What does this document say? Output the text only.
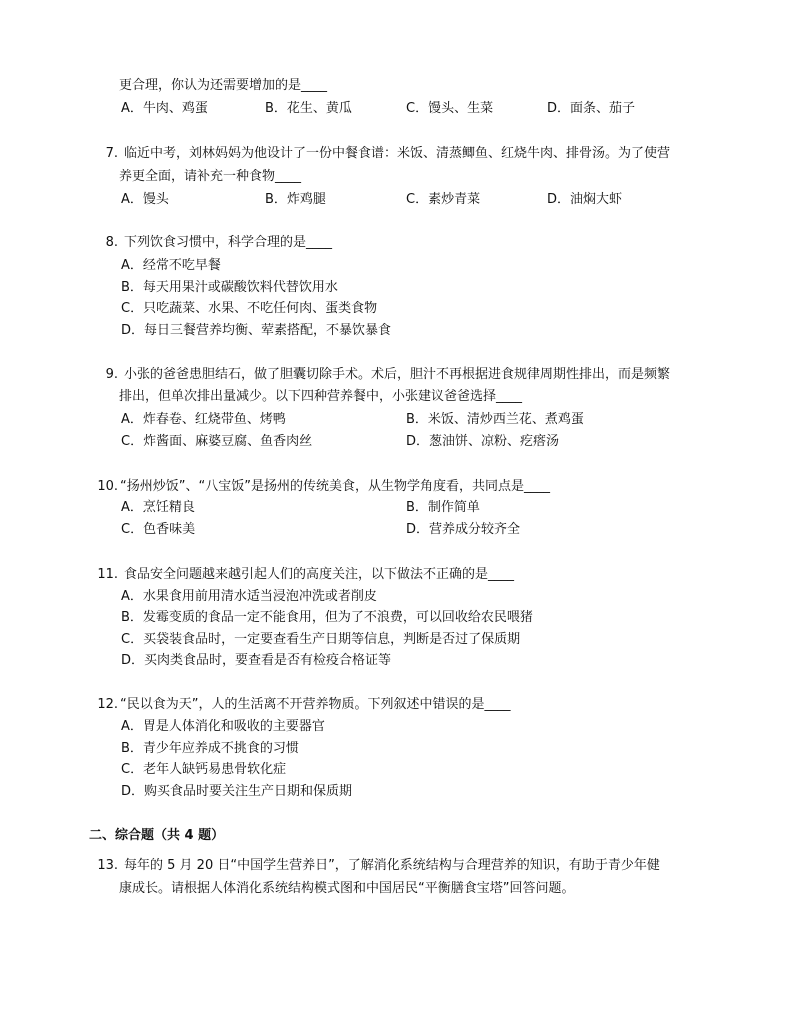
更合理，你认为还需要增加的是____
A．牛肉、鸡蛋	B．花生、黄瓜	C．馒头、生菜	D．面条、茄子
7. 临近中考，刘林妈妈为他设计了一份中餐食谱：米饭、清蒸鲫鱼、红烧牛肉、排骨汤。为了使营
养更全面，请补充一种食物____
A．馒头	B．炸鸡腿	C．素炒青菜	D．油焖大虾
8. 下列饮食习惯中，科学合理的是____
A．经常不吃早餐
B．每天用果汁或碳酸饮料代替饮用水
C．只吃蔬菜、水果、不吃任何肉、蛋类食物
D．每日三餐营养均衡、荤素搭配，不暴饮暴食
9. 小张的爸爸患胆结石，做了胆囊切除手术。术后，胆汁不再根据进食规律周期性排出，而是频繁
排出，但单次排出量减少。以下四种营养餐中，小张建议爸爸选择____
A．炸春卷、红烧带鱼、烤鸭	B．米饭、清炒西兰花、煮鸡蛋
C．炸酱面、麻婆豆腐、鱼香肉丝	D．葱油饼、凉粉、疙瘩汤
10. “扬州炒饭”、“八宝饭”是扬州的传统美食，从生物学角度看，共同点是____
A．烹饪精良	B．制作简单
C．色香味美	D．营养成分较齐全
11. 食品安全问题越来越引起人们的高度关注，以下做法不正确的是____
A．水果食用前用清水适当浸泡冲洗或者削皮
B．发霉变质的食品一定不能食用，但为了不浪费，可以回收给农民喂猪
C．买袋装食品时，一定要查看生产日期等信息，判断是否过了保质期
D．买肉类食品时，要查看是否有检疫合格证等
12. “民以食为天”，人的生活离不开营养物质。下列叙述中错误的是____
A．胃是人体消化和吸收的主要器官
B．青少年应养成不挑食的习惯
C．老年人缺钙易患骨软化症
D．购买食品时要关注生产日期和保质期
二、综合题（共 4 题）
13. 每年的 5 月 20 日“中国学生营养日”，了解消化系统结构与合理营养的知识，有助于青少年健
康成长。请根据人体消化系统结构模式图和中国居民“平衡膳食宝塔”回答问题。
